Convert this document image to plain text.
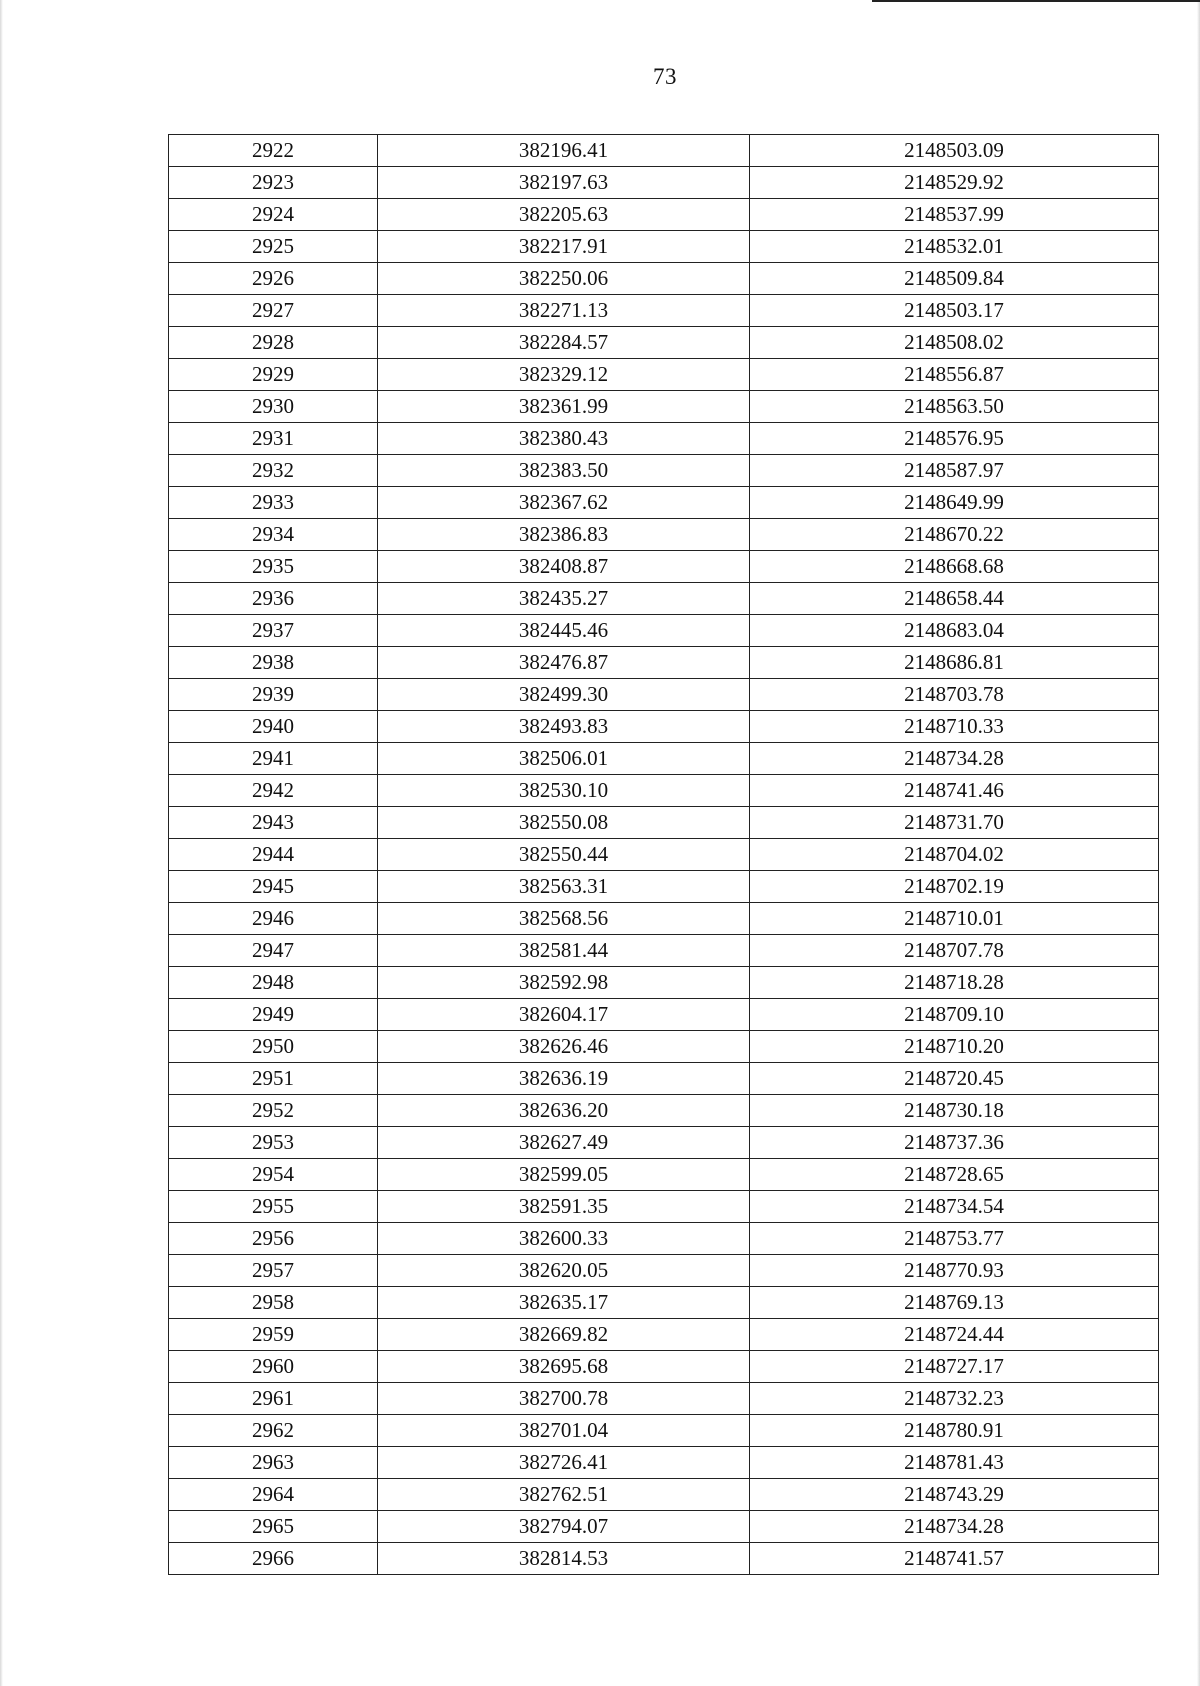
73
2922	382196.41	2148503.09
2923	382197.63	2148529.92
2924	382205.63	2148537.99
2925	382217.91	2148532.01
2926	382250.06	2148509.84
2927	382271.13	2148503.17
2928	382284.57	2148508.02
2929	382329.12	2148556.87
2930	382361.99	2148563.50
2931	382380.43	2148576.95
2932	382383.50	2148587.97
2933	382367.62	2148649.99
2934	382386.83	2148670.22
2935	382408.87	2148668.68
2936	382435.27	2148658.44
2937	382445.46	2148683.04
2938	382476.87	2148686.81
2939	382499.30	2148703.78
2940	382493.83	2148710.33
2941	382506.01	2148734.28
2942	382530.10	2148741.46
2943	382550.08	2148731.70
2944	382550.44	2148704.02
2945	382563.31	2148702.19
2946	382568.56	2148710.01
2947	382581.44	2148707.78
2948	382592.98	2148718.28
2949	382604.17	2148709.10
2950	382626.46	2148710.20
2951	382636.19	2148720.45
2952	382636.20	2148730.18
2953	382627.49	2148737.36
2954	382599.05	2148728.65
2955	382591.35	2148734.54
2956	382600.33	2148753.77
2957	382620.05	2148770.93
2958	382635.17	2148769.13
2959	382669.82	2148724.44
2960	382695.68	2148727.17
2961	382700.78	2148732.23
2962	382701.04	2148780.91
2963	382726.41	2148781.43
2964	382762.51	2148743.29
2965	382794.07	2148734.28
2966	382814.53	2148741.57
